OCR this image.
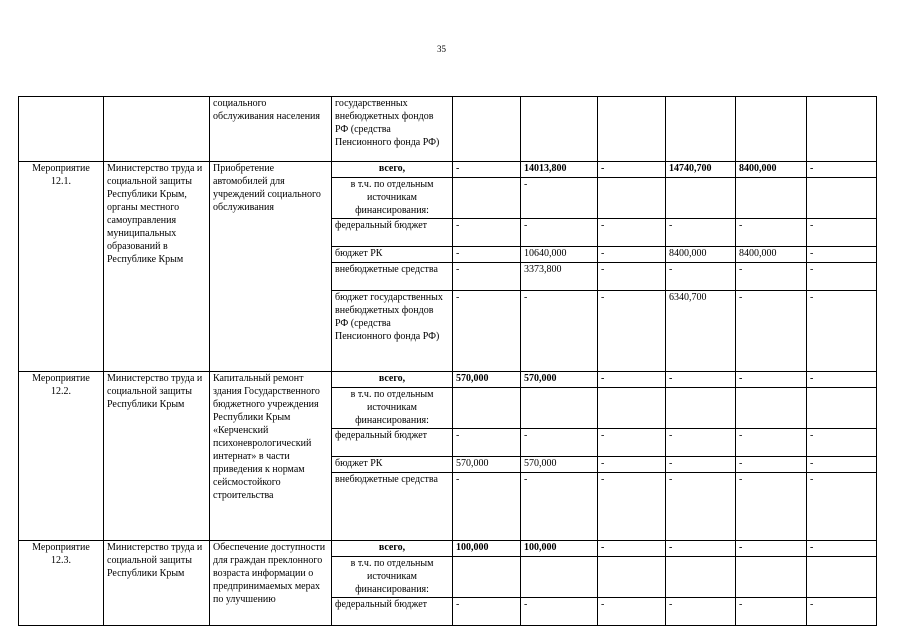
35
		социального обслуживания населения	государственных внебюджетных фондов РФ (средства Пенсионного фонда РФ)						
Мероприятие 12.1.	Министерство труда и социальной защиты Республики Крым, органы местного самоуправления муниципальных образований в Республике Крым	Приобретение автомобилей для учреждений социального обслуживания	всего,	-	14013,800	-	14740,700	8400,000	-
			в т.ч. по отдельным источникам финансирования:		-				
			федеральный бюджет	-	-	-	-	-	-
			бюджет РК	-	10640,000	-	8400,000	8400,000	-
			внебюджетные средства	-	3373,800	-	-	-	-
			бюджет государственных внебюджетных фондов РФ (средства Пенсионного фонда РФ)	-	-	-	6340,700	-	-
Мероприятие 12.2.	Министерство труда и социальной защиты Республики Крым	Капитальный ремонт здания Государственного бюджетного учреждения Республики Крым «Керченский психоневрологический интернат» в части приведения к нормам сейсмостойкого строительства	всего,	570,000	570,000	-	-	-	-
			в т.ч. по отдельным источникам финансирования:						
			федеральный бюджет	-	-	-	-	-	-
			бюджет РК	570,000	570,000	-	-	-	-
			внебюджетные средства	-	-	-	-	-	-
Мероприятие 12.3.	Министерство труда и социальной защиты Республики Крым	Обеспечение доступности для граждан преклонного возраста информации о предпринимаемых мерах по улучшению	всего,	100,000	100,000	-	-	-	-
			в т.ч. по отдельным источникам финансирования:						
			федеральный бюджет	-	-	-	-	-	-
